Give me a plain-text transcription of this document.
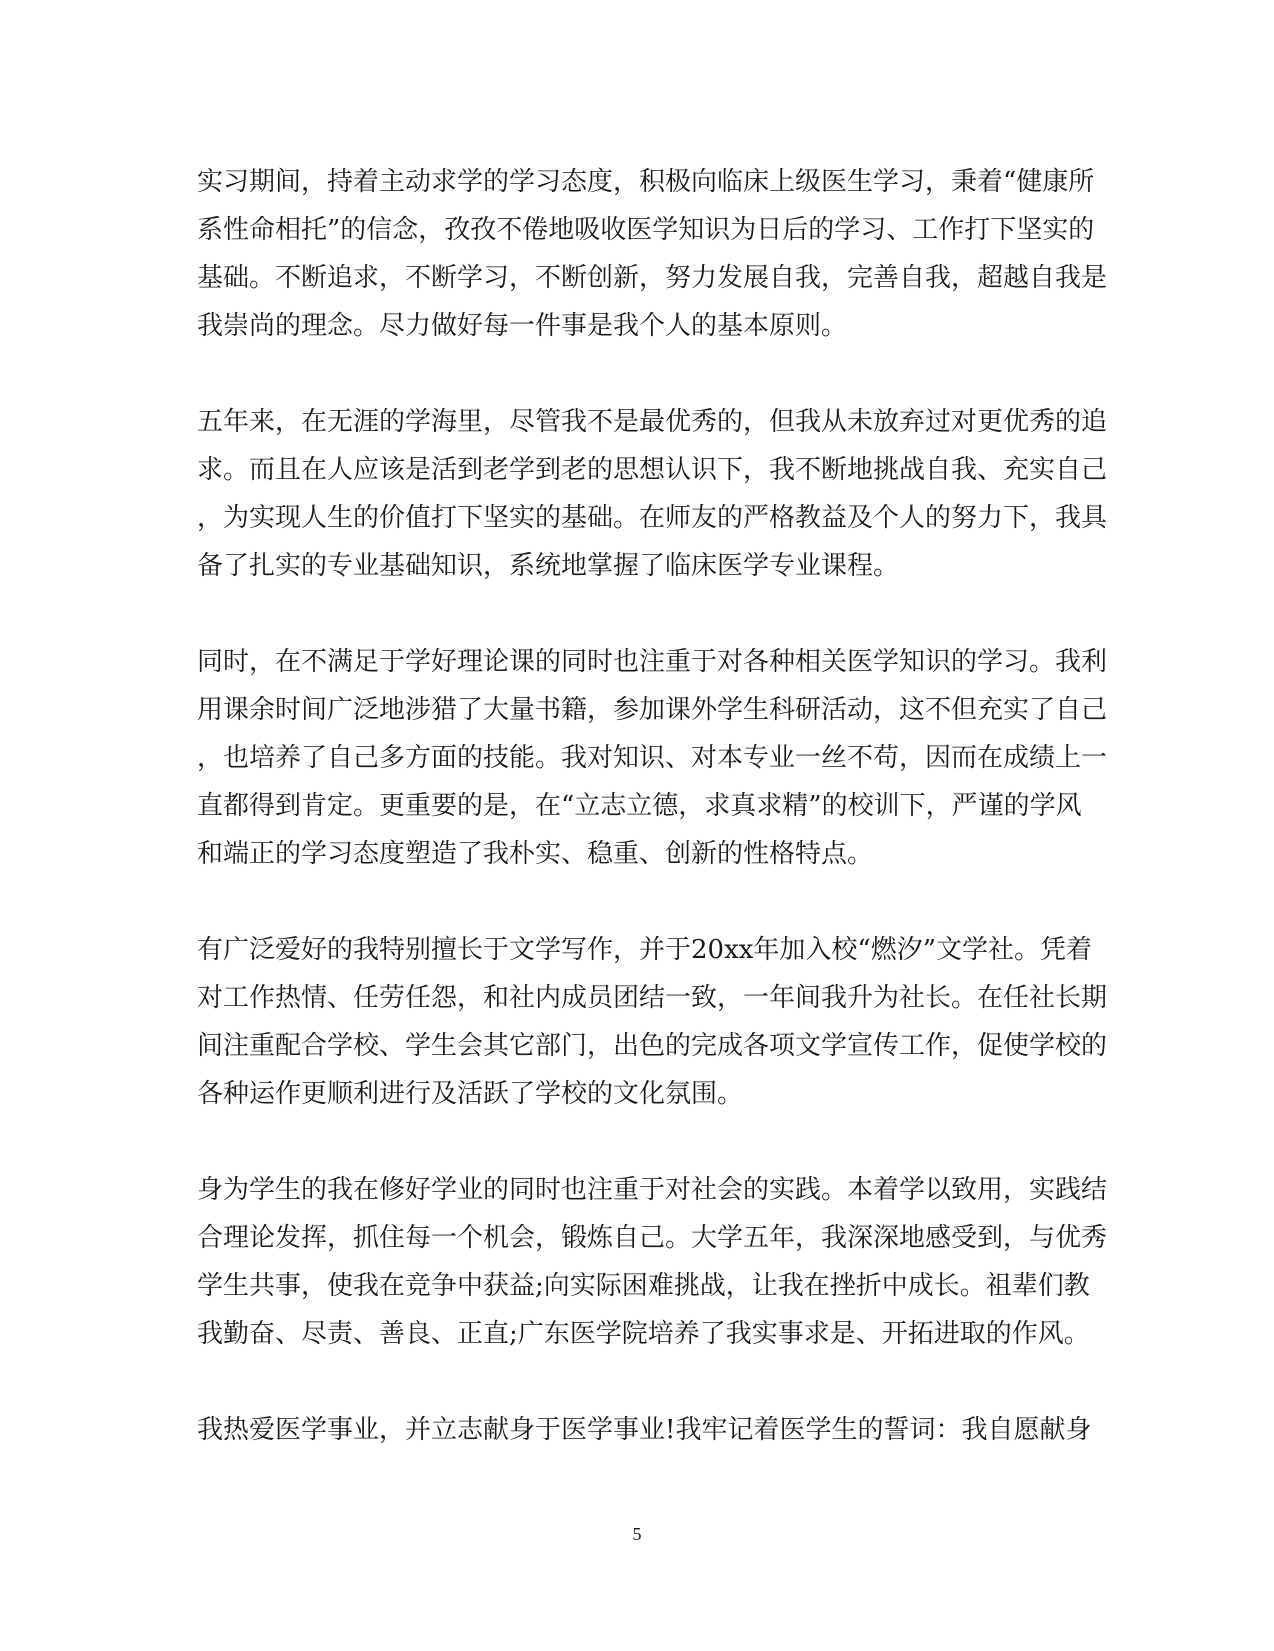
实习期间，持着主动求学的学习态度，积极向临床上级医生学习，秉着“健康所
系性命相托”的信念，孜孜不倦地吸收医学知识为日后的学习、工作打下坚实的
基础。不断追求，不断学习，不断创新，努力发展自我，完善自我，超越自我是
我崇尚的理念。尽力做好每一件事是我个人的基本原则。

五年来，在无涯的学海里，尽管我不是最优秀的，但我从未放弃过对更优秀的追
求。而且在人应该是活到老学到老的思想认识下，我不断地挑战自我、充实自己
，为实现人生的价值打下坚实的基础。在师友的严格教益及个人的努力下，我具
备了扎实的专业基础知识，系统地掌握了临床医学专业课程。

同时，在不满足于学好理论课的同时也注重于对各种相关医学知识的学习。我利
用课余时间广泛地涉猎了大量书籍，参加课外学生科研活动，这不但充实了自己
，也培养了自己多方面的技能。我对知识、对本专业一丝不苟，因而在成绩上一
直都得到肯定。更重要的是，在“立志立德，求真求精”的校训下，严谨的学风
和端正的学习态度塑造了我朴实、稳重、创新的性格特点。

有广泛爱好的我特别擅长于文学写作，并于20xx年加入校“燃汐”文学社。凭着
对工作热情、任劳任怨，和社内成员团结一致，一年间我升为社长。在任社长期
间注重配合学校、学生会其它部门，出色的完成各项文学宣传工作，促使学校的
各种运作更顺利进行及活跃了学校的文化氛围。

身为学生的我在修好学业的同时也注重于对社会的实践。本着学以致用，实践结
合理论发挥，抓住每一个机会，锻炼自己。大学五年，我深深地感受到，与优秀
学生共事，使我在竞争中获益;向实际困难挑战，让我在挫折中成长。祖辈们教
我勤奋、尽责、善良、正直;广东医学院培养了我实事求是、开拓进取的作风。

我热爱医学事业，并立志献身于医学事业!我牢记着医学生的誓词：我自愿献身

5
